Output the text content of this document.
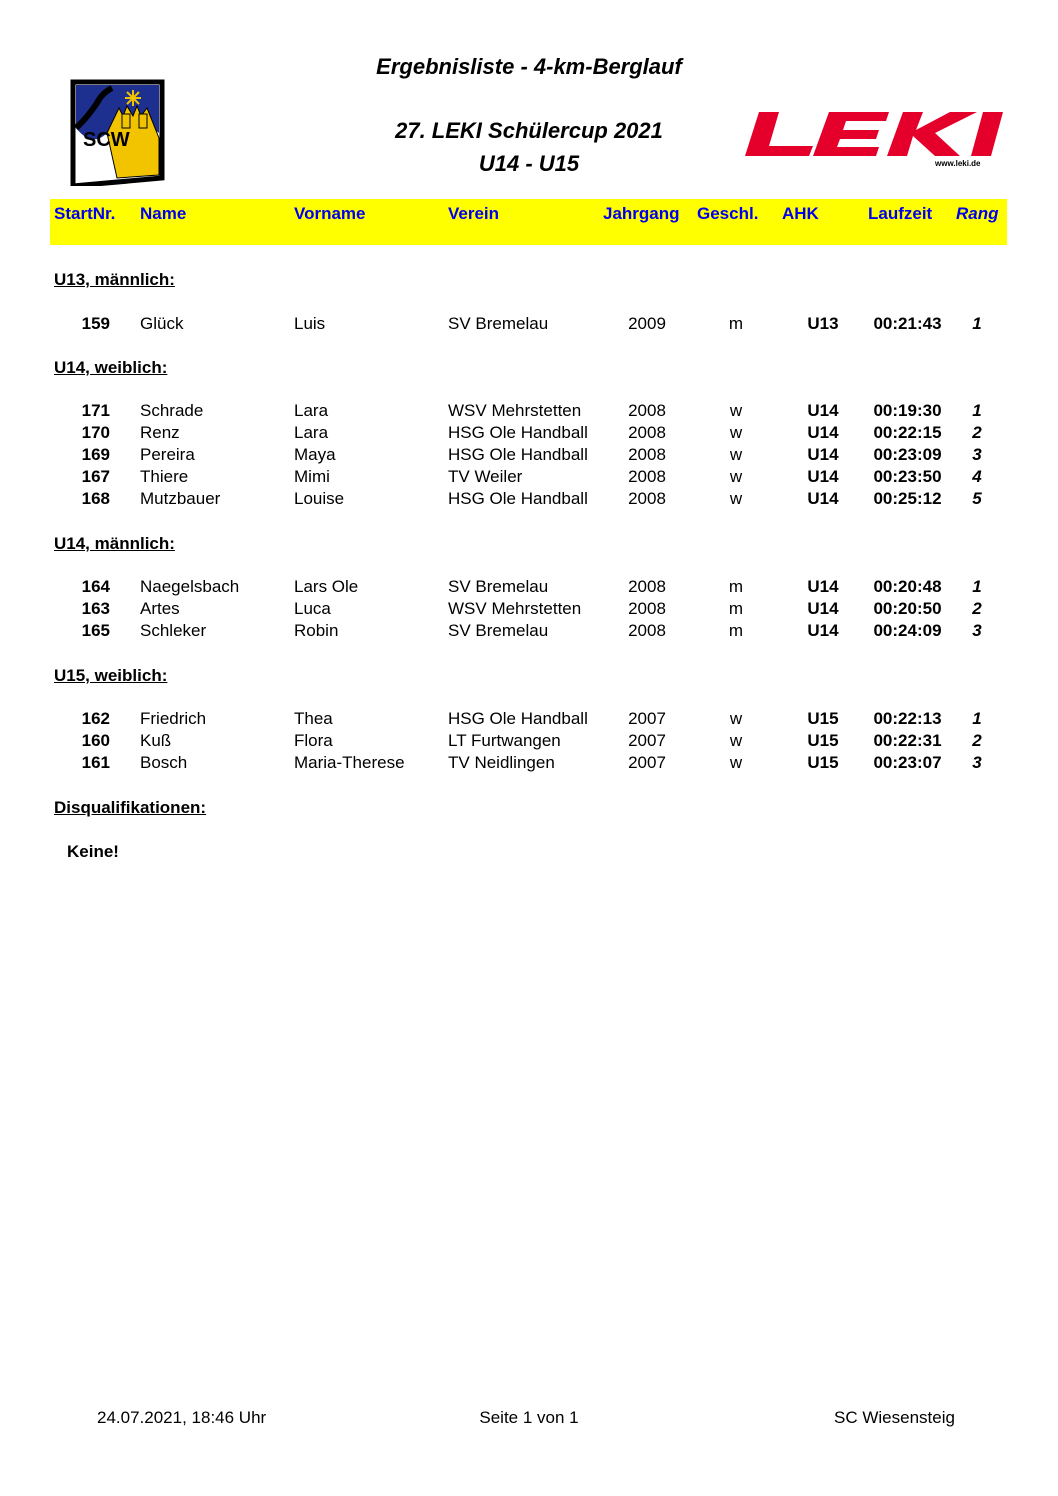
Ergebnisliste - 4-km-Berglauf
27. LEKI Schülercup 2021
U14 - U15
SCW
www.leki.de
StartNr. Name	Vorname	Verein	Jahrgang Geschl. AHK	Laufzeit Rang
U13, männlich:
159 Glück	Luis	SV Bremelau	2009	m	U13	00:21:43	1
U14, weiblich:
171 Schrade	Lara	WSV Mehrstetten	2008	w	U14	00:19:30	1
170 Renz	Lara	HSG Ole Handball	2008	w	U14	00:22:15	2
169 Pereira	Maya	HSG Ole Handball	2008	w	U14	00:23:09	3
167 Thiere	Mimi	TV Weiler	2008	w	U14	00:23:50	4
168 Mutzbauer	Louise	HSG Ole Handball	2008	w	U14	00:25:12	5
U14, männlich:
164 Naegelsbach	Lars Ole	SV Bremelau	2008	m	U14	00:20:48	1
163 Artes	Luca	WSV Mehrstetten	2008	m	U14	00:20:50	2
165 Schleker	Robin	SV Bremelau	2008	m	U14	00:24:09	3
U15, weiblich:
162 Friedrich	Thea	HSG Ole Handball	2007	w	U15	00:22:13	1
160 Kuß	Flora	LT Furtwangen	2007	w	U15	00:22:31	2
161 Bosch	Maria-Therese	TV Neidlingen	2007	w	U15	00:23:07	3
Disqualifikationen:
Keine!
24.07.2021, 18:46 Uhr	Seite 1 von 1	SC Wiesensteig
